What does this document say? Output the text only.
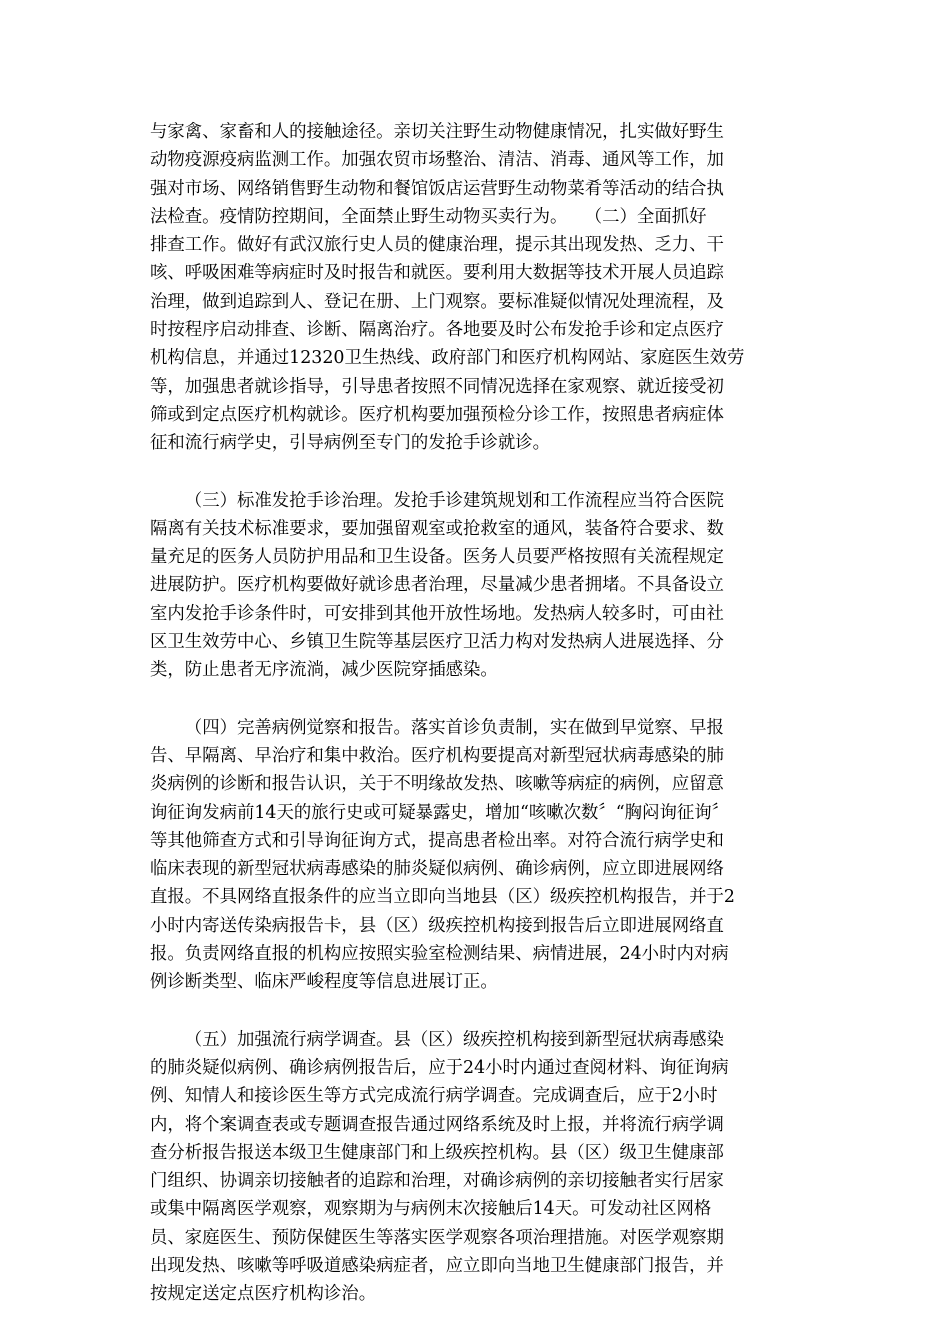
与家禽、家畜和人的接触途径。亲切关注野生动物健康情况，扎实做好野生
动物疫源疫病监测工作。加强农贸市场整治、清洁、消毒、通风等工作，加
强对市场、网络销售野生动物和餐馆饭店运营野生动物菜肴等活动的结合执
法检查。疫情防控期间，全面禁止野生动物买卖行为。　　（二）全面抓好
排查工作。做好有武汉旅行史人员的健康治理，提示其出现发热、乏力、干
咳、呼吸困难等病症时及时报告和就医。要利用大数据等技术开展人员追踪
治理，做到追踪到人、登记在册、上门观察。要标准疑似情况处理流程，及
时按程序启动排查、诊断、隔离治疗。各地要及时公布发抢手诊和定点医疗
机构信息，并通过12320卫生热线、政府部门和医疗机构网站、家庭医生效劳
等，加强患者就诊指导，引导患者按照不同情况选择在家观察、就近接受初
筛或到定点医疗机构就诊。医疗机构要加强预检分诊工作，按照患者病症体
征和流行病学史，引导病例至专门的发抢手诊就诊。
（三）标准发抢手诊治理。发抢手诊建筑规划和工作流程应当符合医院
隔离有关技术标准要求，要加强留观室或抢救室的通风，装备符合要求、数
量充足的医务人员防护用品和卫生设备。医务人员要严格按照有关流程规定
进展防护。医疗机构要做好就诊患者治理，尽量减少患者拥堵。不具备设立
室内发抢手诊条件时，可安排到其他开放性场地。发热病人较多时，可由社
区卫生效劳中心、乡镇卫生院等基层医疗卫活力构对发热病人进展选择、分
类，防止患者无序流淌，减少医院穿插感染。
（四）完善病例觉察和报告。落实首诊负责制，实在做到早觉察、早报
告、早隔离、早治疗和集中救治。医疗机构要提高对新型冠状病毒感染的肺
炎病例的诊断和报告认识，关于不明缘故发热、咳嗽等病症的病例，应留意
询征询发病前14天的旅行史或可疑暴露史，增加“咳嗽次数〞“胸闷询征询〞
等其他筛查方式和引导询征询方式，提高患者检出率。对符合流行病学史和
临床表现的新型冠状病毒感染的肺炎疑似病例、确诊病例，应立即进展网络
直报。不具网络直报条件的应当立即向当地县（区）级疾控机构报告，并于2
小时内寄送传染病报告卡，县（区）级疾控机构接到报告后立即进展网络直
报。负责网络直报的机构应按照实验室检测结果、病情进展，24小时内对病
例诊断类型、临床严峻程度等信息进展订正。
（五）加强流行病学调查。县（区）级疾控机构接到新型冠状病毒感染
的肺炎疑似病例、确诊病例报告后，应于24小时内通过查阅材料、询征询病
例、知情人和接诊医生等方式完成流行病学调查。完成调查后，应于2小时
内，将个案调查表或专题调查报告通过网络系统及时上报，并将流行病学调
查分析报告报送本级卫生健康部门和上级疾控机构。县（区）级卫生健康部
门组织、协调亲切接触者的追踪和治理，对确诊病例的亲切接触者实行居家
或集中隔离医学观察，观察期为与病例末次接触后14天。可发动社区网格
员、家庭医生、预防保健医生等落实医学观察各项治理措施。对医学观察期
出现发热、咳嗽等呼吸道感染病症者，应立即向当地卫生健康部门报告，并
按规定送定点医疗机构诊治。
